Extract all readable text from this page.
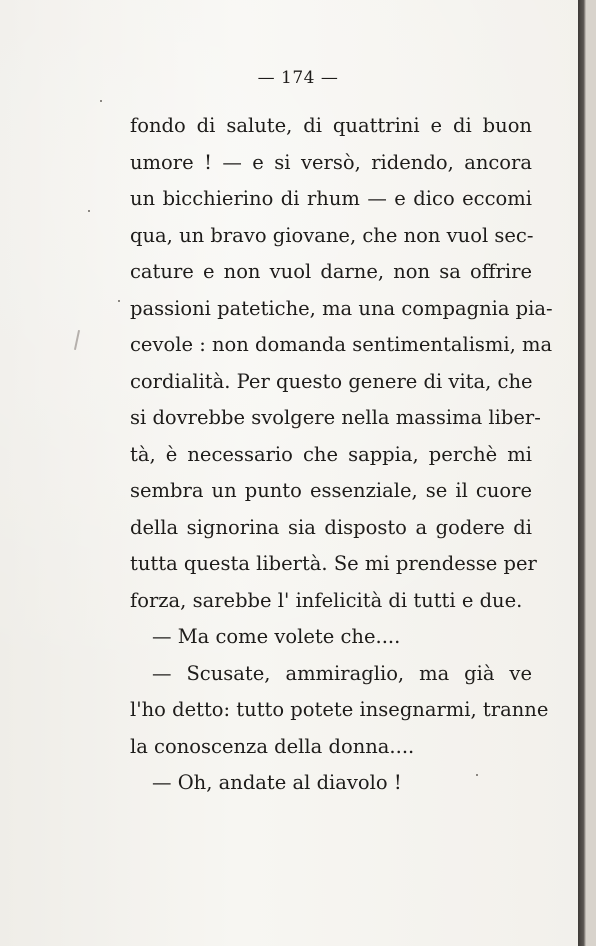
— 174 —
fondo di salute, di quattrini e di buon
umore ! — e si versò, ridendo, ancora
un bicchierino di rhum — e dico eccomi
qua, un bravo giovane, che non vuol sec-
cature e non vuol darne, non sa offrire
passioni patetiche, ma una compagnia pia-
cevole : non domanda sentimentalismi, ma
cordialità. Per questo genere di vita, che
si dovrebbe svolgere nella massima liber-
tà, è necessario che sappia, perchè mi
sembra un punto essenziale, se il cuore
della signorina sia disposto a godere di
tutta questa libertà. Se mi prendesse per
forza, sarebbe l' infelicità di tutti e due.
— Ma come volete che....
— Scusate, ammiraglio, ma già ve
l'ho detto: tutto potete insegnarmi, tranne
la conoscenza della donna....
— Oh, andate al diavolo !
